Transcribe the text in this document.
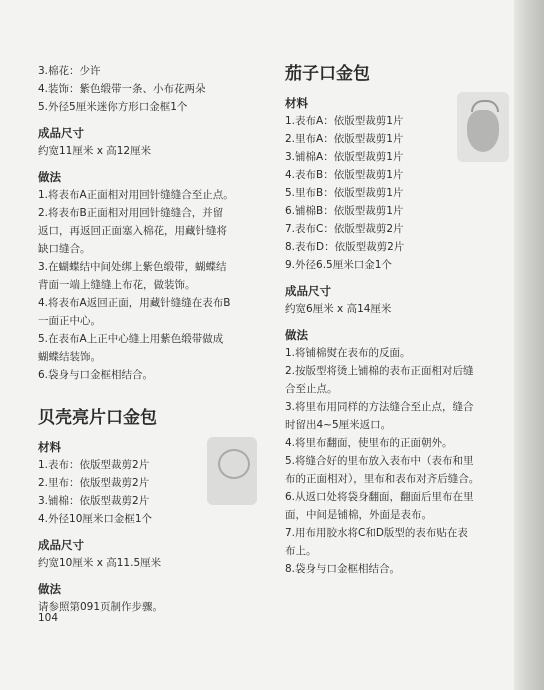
3.棉花：少许
4.装饰：紫色缎带一条、小布花两朵
5.外径5厘米迷你方形口金框1个
成品尺寸
约宽11厘米 x 高12厘米
做法
1.将表布A正面相对用回针缝缝合至止点。
2.将表布B正面相对用回针缝缝合，并留
返口，再返回正面塞入棉花，用藏针缝将
缺口缝合。
3.在蝴蝶结中间处绑上紫色缎带，蝴蝶结
背面一端上缝缝上布花，做装饰。
4.将表布A返回正面，用藏针缝缝在表布B
一面正中心。
5.在表布A上正中心缝上用紫色缎带做成
蝴蝶结装饰。
6.袋身与口金框相结合。
贝壳亮片口金包
材料
1.表布：依版型裁剪2片
2.里布：依版型裁剪2片
3.铺棉：依版型裁剪2片
4.外径10厘米口金框1个
成品尺寸
约宽10厘米 x 高11.5厘米
做法
请参照第091页制作步骤。
104
茄子口金包
材料
1.表布A：依版型裁剪1片
2.里布A：依版型裁剪1片
3.铺棉A：依版型裁剪1片
4.表布B：依版型裁剪1片
5.里布B：依版型裁剪1片
6.铺棉B：依版型裁剪1片
7.表布C：依版型裁剪2片
8.表布D：依版型裁剪2片
9.外径6.5厘米口金1个
成品尺寸
约宽6厘米 x 高14厘米
做法
1.将铺棉熨在表布的反面。
2.按版型将烫上铺棉的表布正面相对后缝
合至止点。
3.将里布用同样的方法缝合至止点，缝合
时留出4~5厘米返口。
4.将里布翻面，使里布的正面朝外。
5.将缝合好的里布放入表布中（表布和里
布的正面相对），里布和表布对齐后缝合。
6.从返口处将袋身翻面，翻面后里布在里
面，中间是铺棉，外面是表布。
7.用布用胶水将C和D版型的表布贴在表
布上。
8.袋身与口金框相结合。
